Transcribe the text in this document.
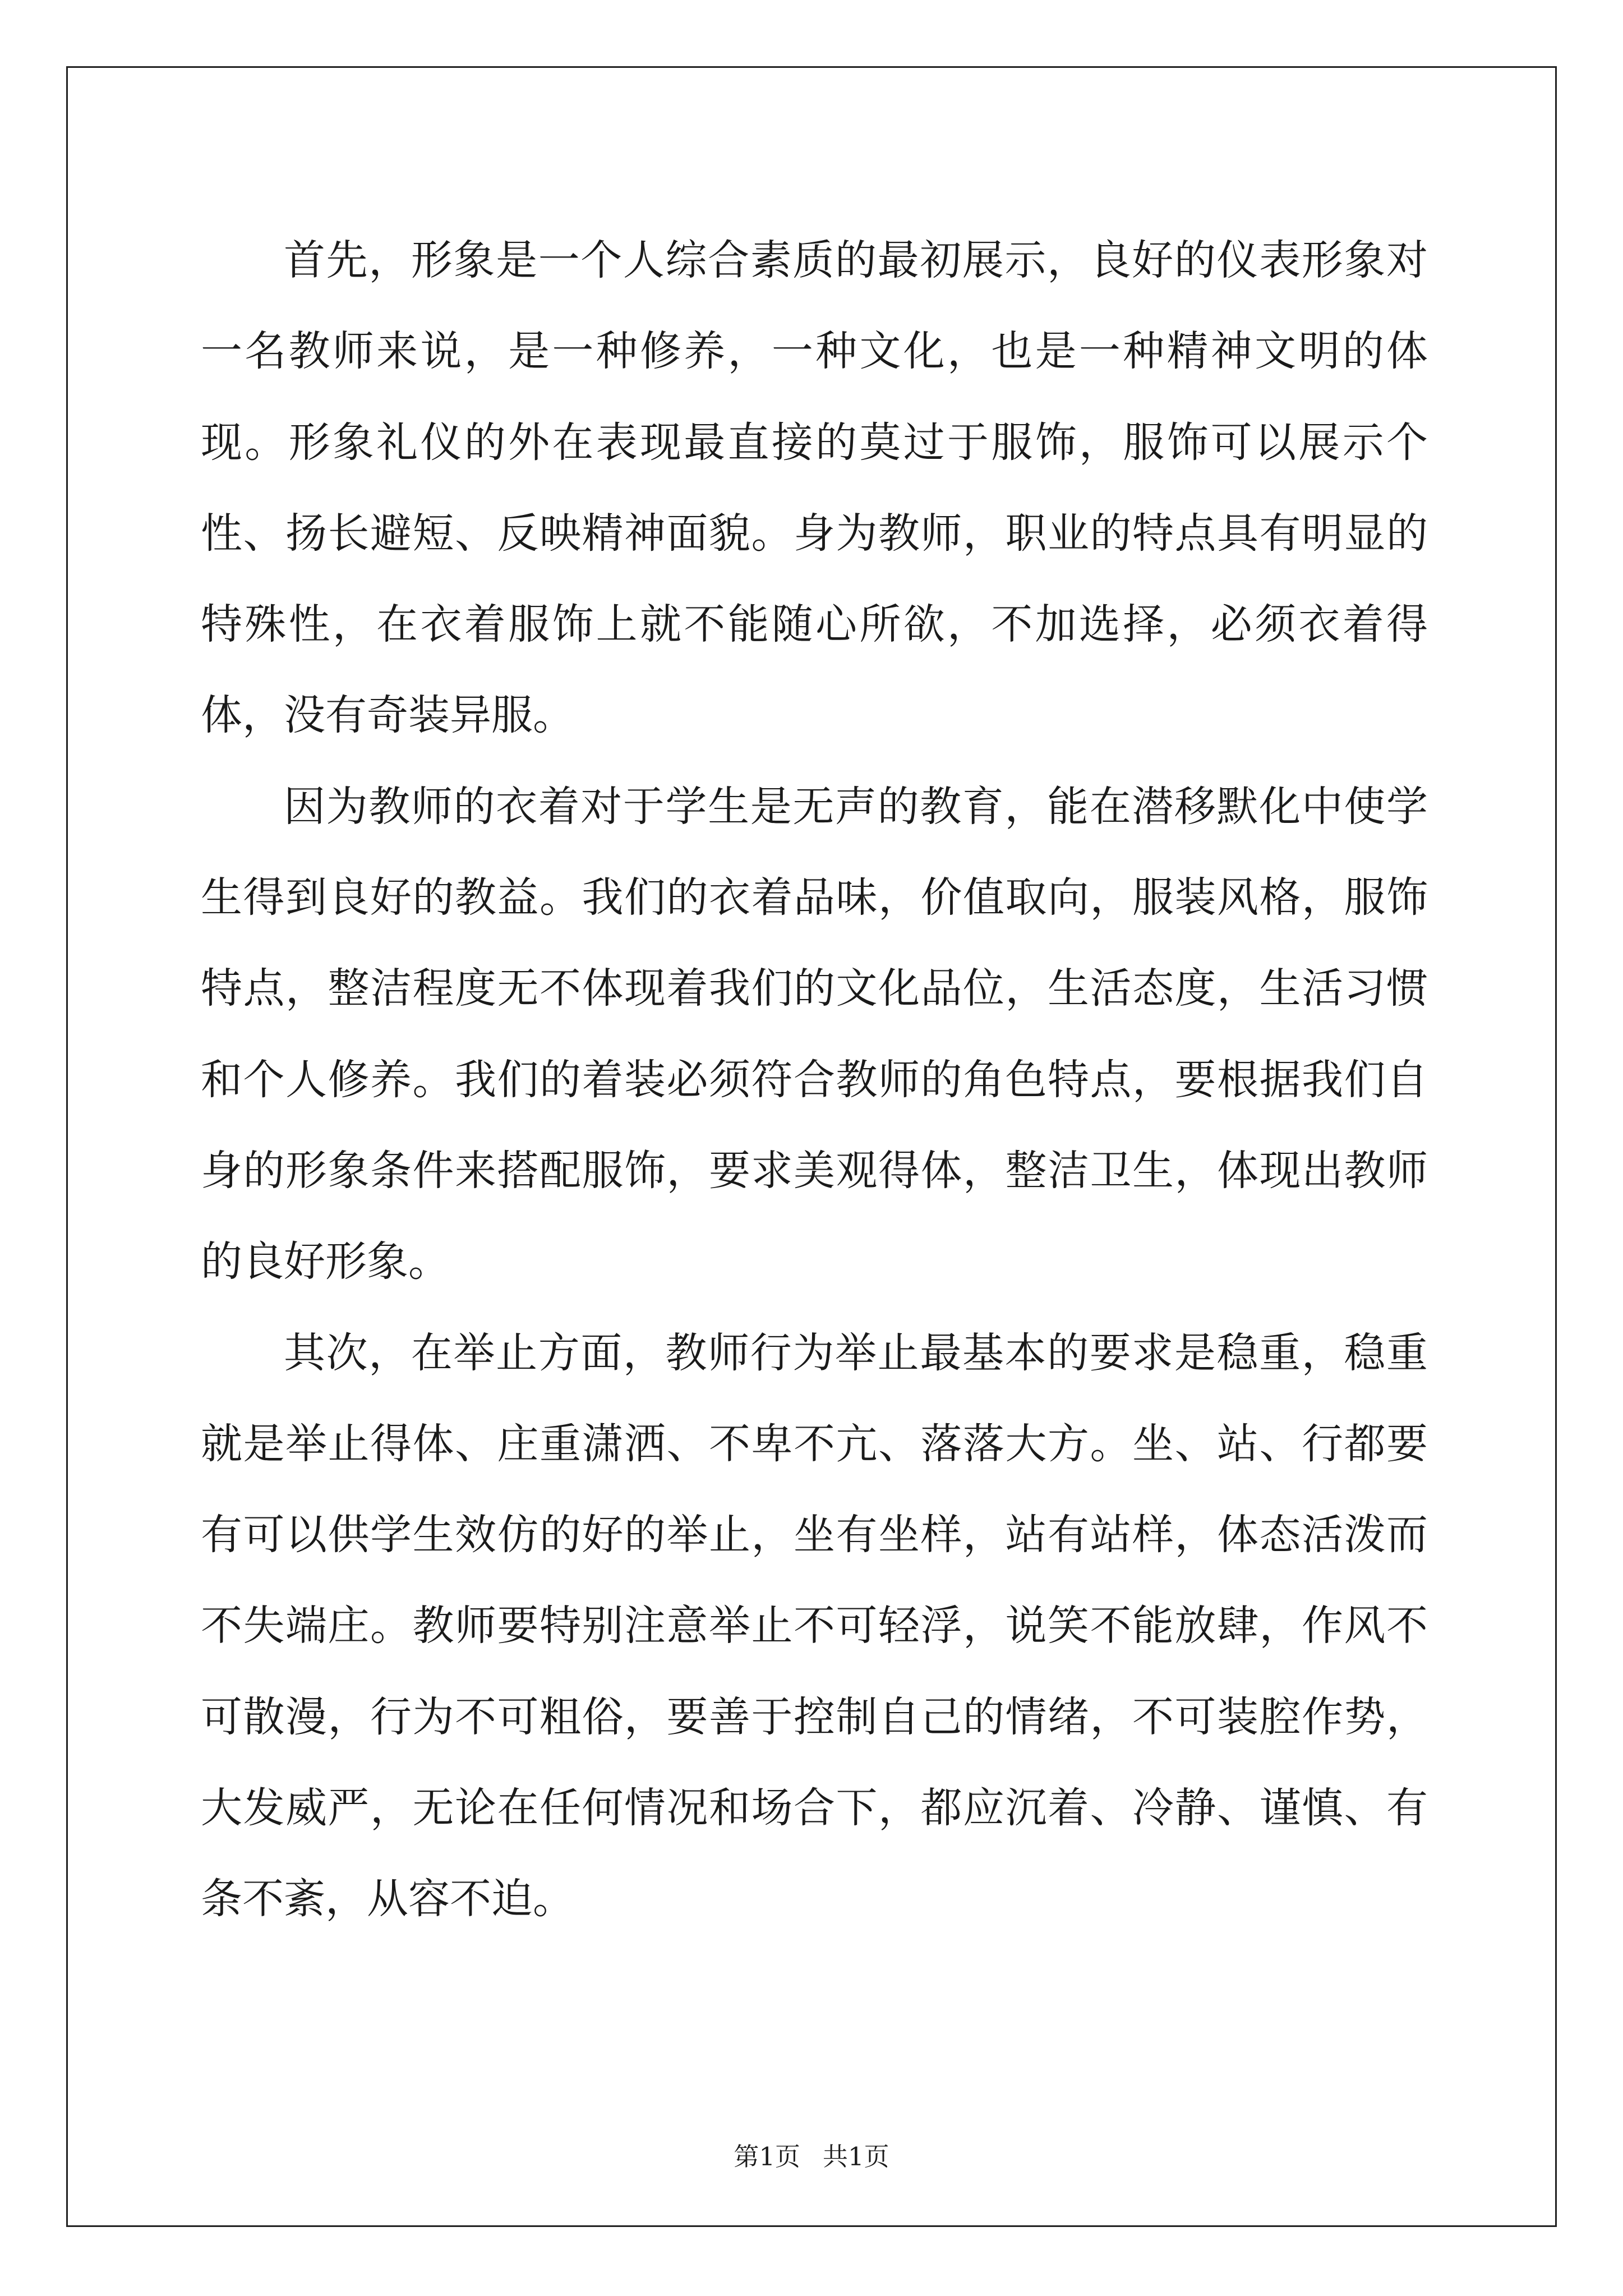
首先，形象是一个人综合素质的最初展示，良好的仪表形象对一名教师来说，是一种修养，一种文化，也是一种精神文明的体现。形象礼仪的外在表现最直接的莫过于服饰，服饰可以展示个性、扬长避短、反映精神面貌。身为教师，职业的特点具有明显的特殊性，在衣着服饰上就不能随心所欲，不加选择，必须衣着得体，没有奇装异服。

因为教师的衣着对于学生是无声的教育，能在潜移默化中使学生得到良好的教益。我们的衣着品味，价值取向，服装风格，服饰特点，整洁程度无不体现着我们的文化品位，生活态度，生活习惯和个人修养。我们的着装必须符合教师的角色特点，要根据我们自身的形象条件来搭配服饰，要求美观得体，整洁卫生，体现出教师的良好形象。

其次，在举止方面，教师行为举止最基本的要求是稳重，稳重就是举止得体、庄重潇洒、不卑不亢、落落大方。坐、站、行都要有可以供学生效仿的好的举止，坐有坐样，站有站样，体态活泼而不失端庄。教师要特别注意举止不可轻浮，说笑不能放肆，作风不可散漫，行为不可粗俗，要善于控制自己的情绪，不可装腔作势，大发威严，无论在任何情况和场合下，都应沉着、冷静、谨慎、有条不紊，从容不迫。

第1页 共1页
